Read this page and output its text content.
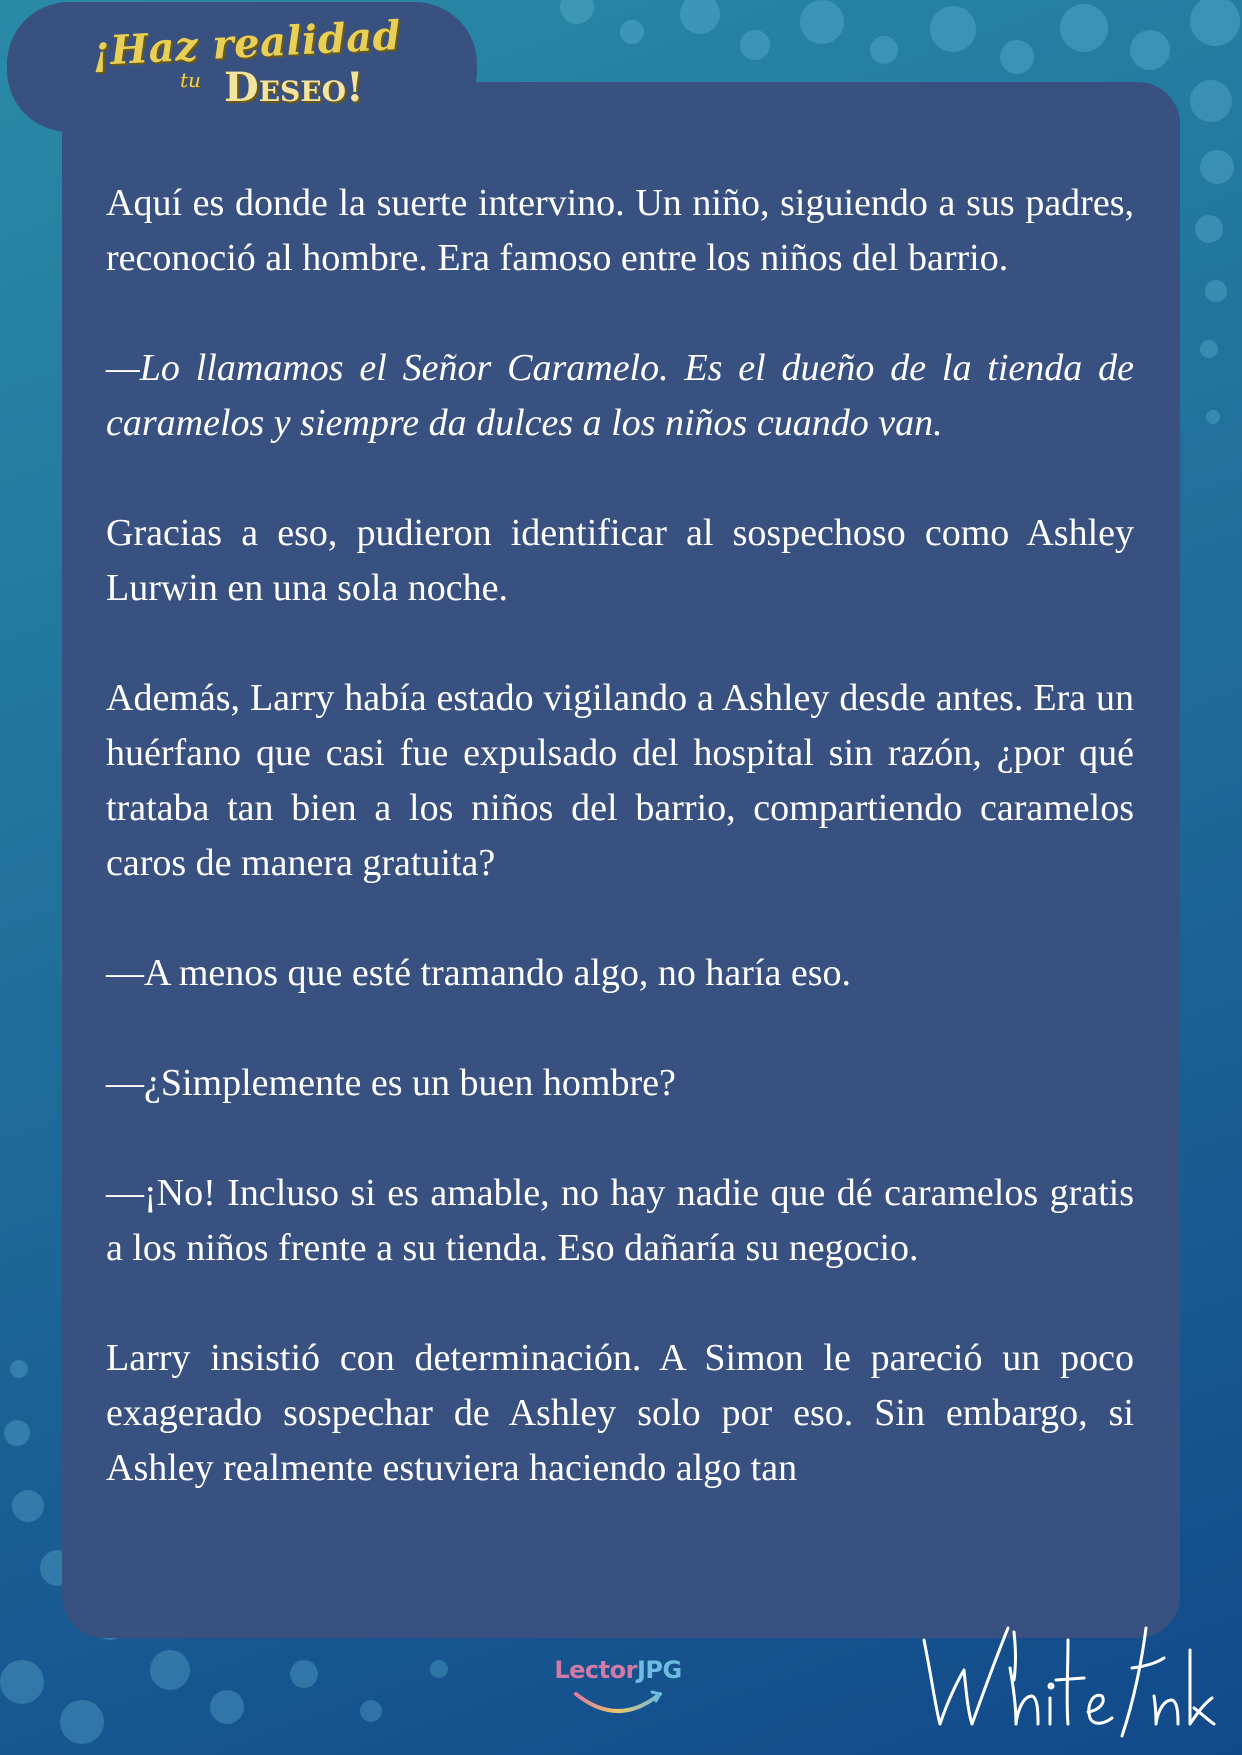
¡Haz realidad
tu Deseo!

Aquí es donde la suerte intervino. Un niño, siguiendo a sus padres, reconoció al hombre. Era famoso entre los niños del barrio.

—Lo llamamos el Señor Caramelo. Es el dueño de la tienda de caramelos y siempre da dulces a los niños cuando van.

Gracias a eso, pudieron identificar al sospechoso como Ashley Lurwin en una sola noche.

Además, Larry había estado vigilando a Ashley desde antes. Era un huérfano que casi fue expulsado del hospital sin razón, ¿por qué trataba tan bien a los niños del barrio, compartiendo caramelos caros de manera gratuita?

—A menos que esté tramando algo, no haría eso.

—¿Simplemente es un buen hombre?

—¡No! Incluso si es amable, no hay nadie que dé caramelos gratis a los niños frente a su tienda. Eso dañaría su negocio.

Larry insistió con determinación. A Simon le pareció un poco exagerado sospechar de Ashley solo por eso. Sin embargo, si Ashley realmente estuviera haciendo algo tan

LectorJPG
